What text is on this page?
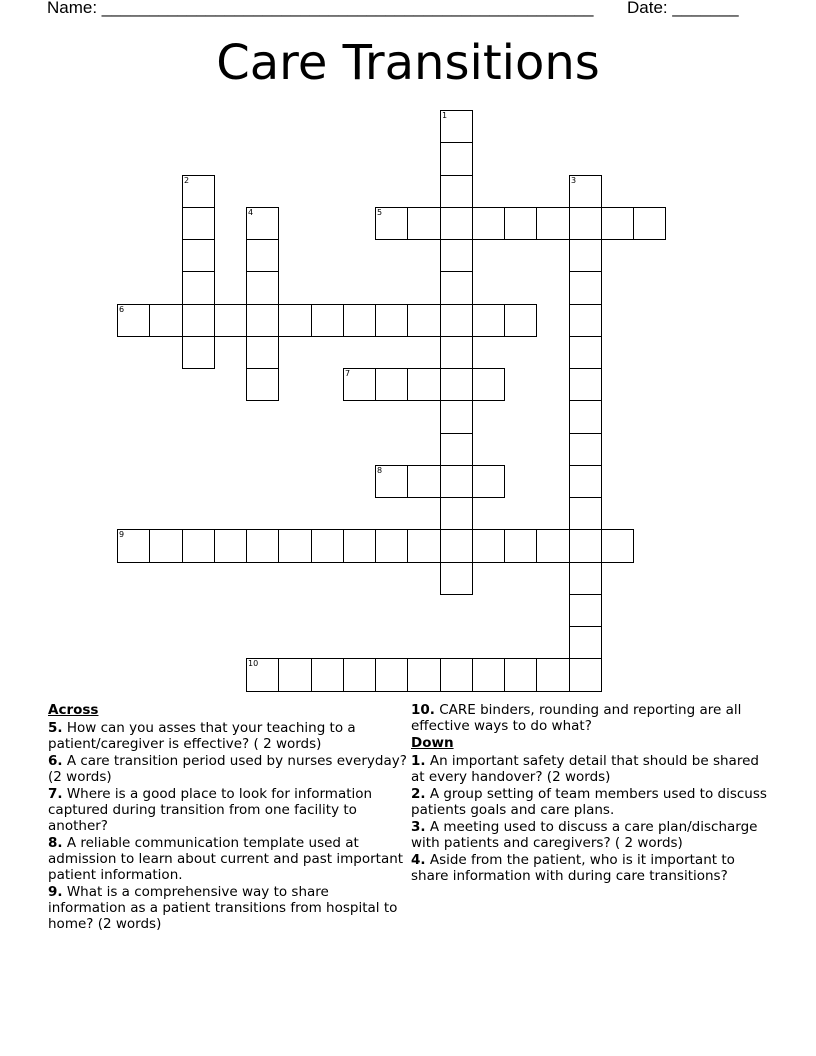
Name: ____________________________________________________ Date: _______
Care Transitions
1
2	3
4	5
6
7
8
9
10
Across
5. How can you asses that your teaching to a patient/caregiver is effective? ( 2 words)
6. A care transition period used by nurses everyday? (2 words)
7. Where is a good place to look for information captured during transition from one facility to another?
8. A reliable communication template used at admission to learn about current and past important patient information.
9. What is a comprehensive way to share information as a patient transitions from hospital to home? (2 words)
10. CARE binders, rounding and reporting are all effective ways to do what?
Down
1. An important safety detail that should be shared at every handover? (2 words)
2. A group setting of team members used to discuss patients goals and care plans.
3. A meeting used to discuss a care plan/discharge with patients and caregivers? ( 2 words)
4. Aside from the patient, who is it important to share information with during care transitions?
